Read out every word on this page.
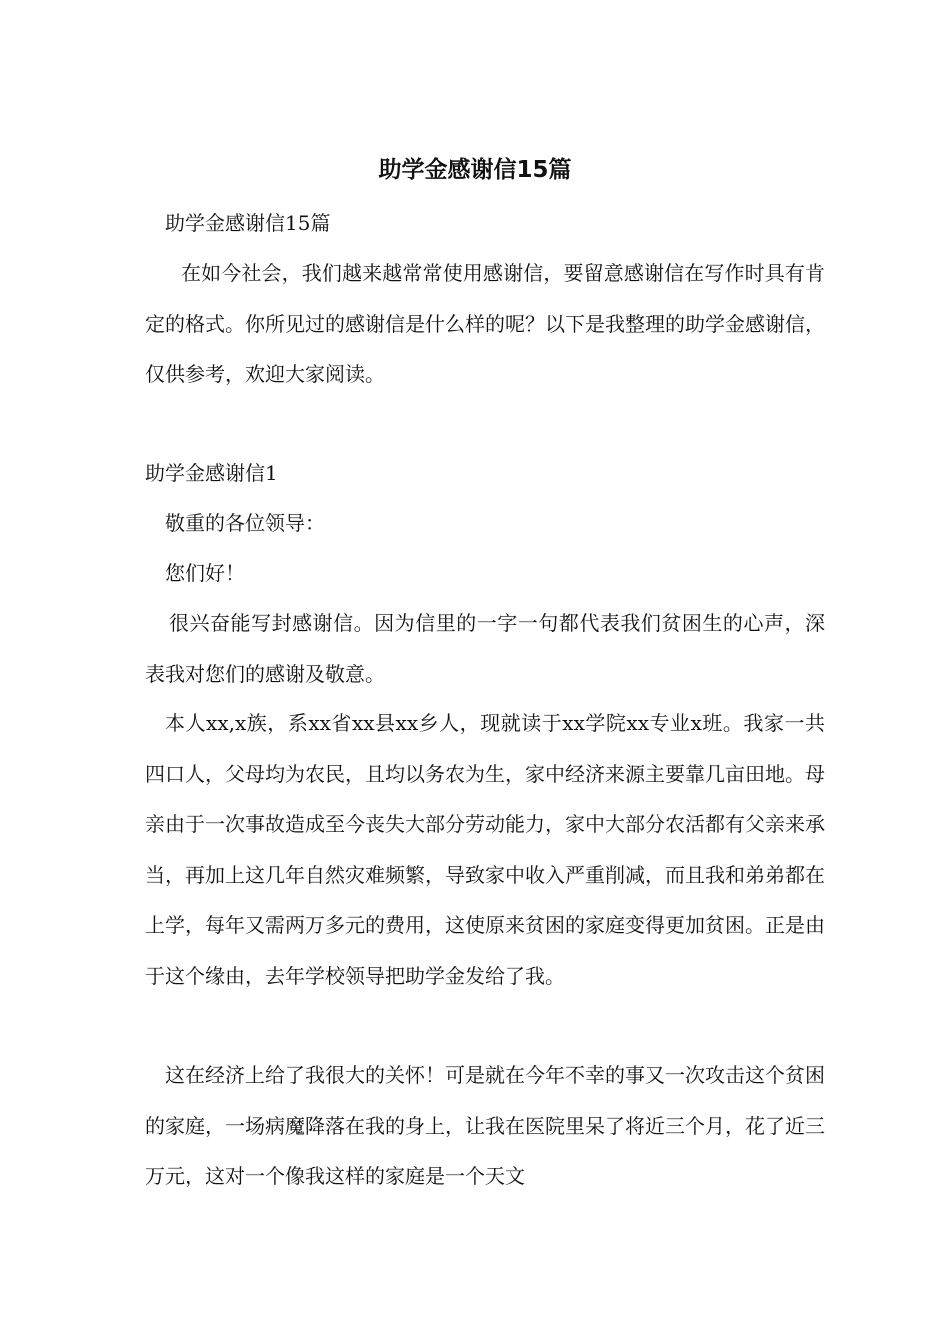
助学金感谢信15篇

助学金感谢信15篇

在如今社会，我们越来越常常使用感谢信，要留意感谢信在写作时具有肯定的格式。你所见过的感谢信是什么样的呢？以下是我整理的助学金感谢信，仅供参考，欢迎大家阅读。

助学金感谢信1

敬重的各位领导：

您们好！

很兴奋能写封感谢信。因为信里的一字一句都代表我们贫困生的心声，深表我对您们的感谢及敬意。

本人xx,x族，系xx省xx县xx乡人，现就读于xx学院xx专业x班。我家一共四口人，父母均为农民，且均以务农为生，家中经济来源主要靠几亩田地。母亲由于一次事故造成至今丧失大部分劳动能力，家中大部分农活都有父亲来承当，再加上这几年自然灾难频繁，导致家中收入严重削减，而且我和弟弟都在上学，每年又需两万多元的费用，这使原来贫困的家庭变得更加贫困。正是由于这个缘由，去年学校领导把助学金发给了我。

这在经济上给了我很大的关怀！可是就在今年不幸的事又一次攻击这个贫困的家庭，一场病魔降落在我的身上，让我在医院里呆了将近三个月，花了近三万元，这对一个像我这样的家庭是一个天文
